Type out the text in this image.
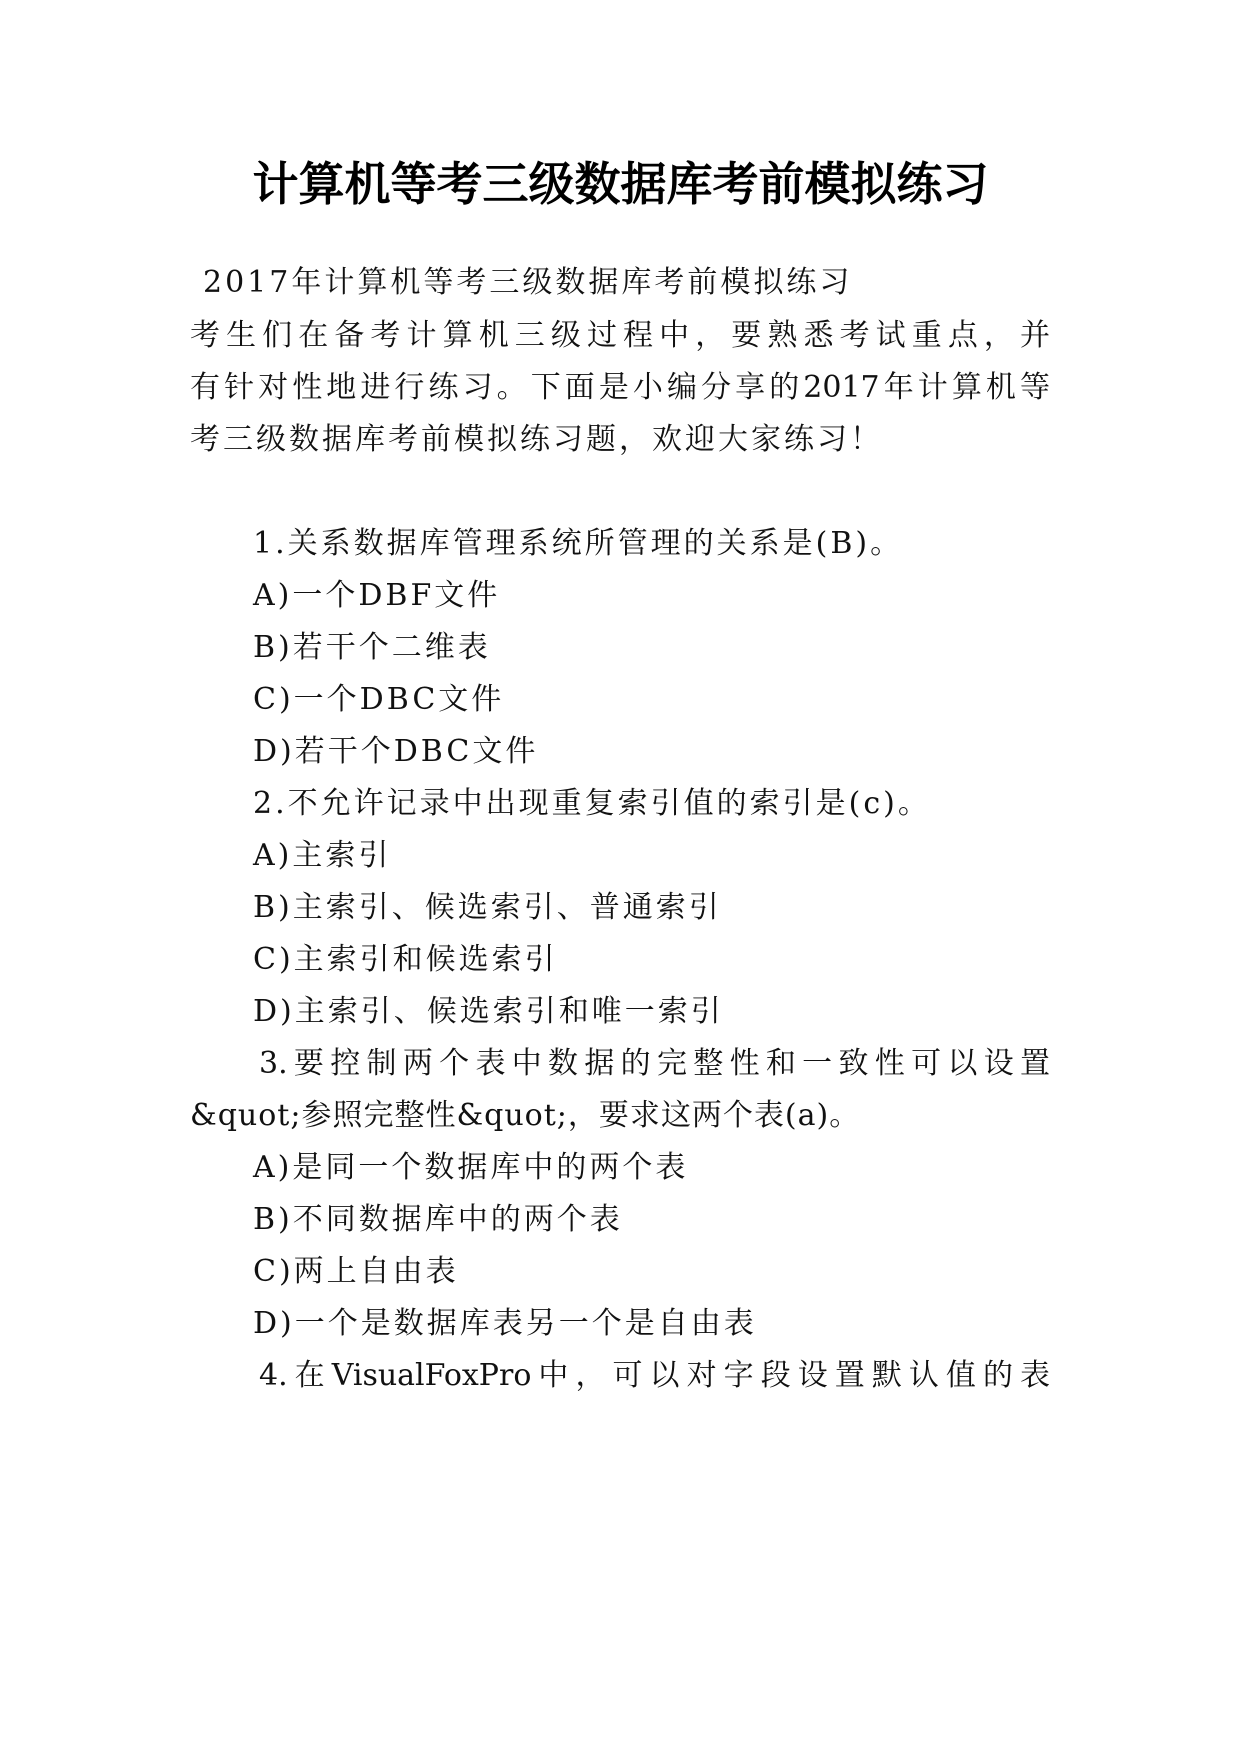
计算机等考三级数据库考前模拟练习
2017年计算机等考三级数据库考前模拟练习
考生们在备考计算机三级过程中，要熟悉考试重点，并
有针对性地进行练习。下面是小编分享的2017年计算机等
考三级数据库考前模拟练习题，欢迎大家练习！
1.关系数据库管理系统所管理的关系是(B)。
A)一个DBF文件
B)若干个二维表
C)一个DBC文件
D)若干个DBC文件
2.不允许记录中出现重复索引值的索引是(c)。
A)主索引
B)主索引、候选索引、普通索引
C)主索引和候选索引
D)主索引、候选索引和唯一索引
3.要控制两个表中数据的完整性和一致性可以设置
&quot;参照完整性&quot;，要求这两个表(a)。
A)是同一个数据库中的两个表
B)不同数据库中的两个表
C)两上自由表
D)一个是数据库表另一个是自由表
4.在VisualFoxPro中，可以对字段设置默认值的表
